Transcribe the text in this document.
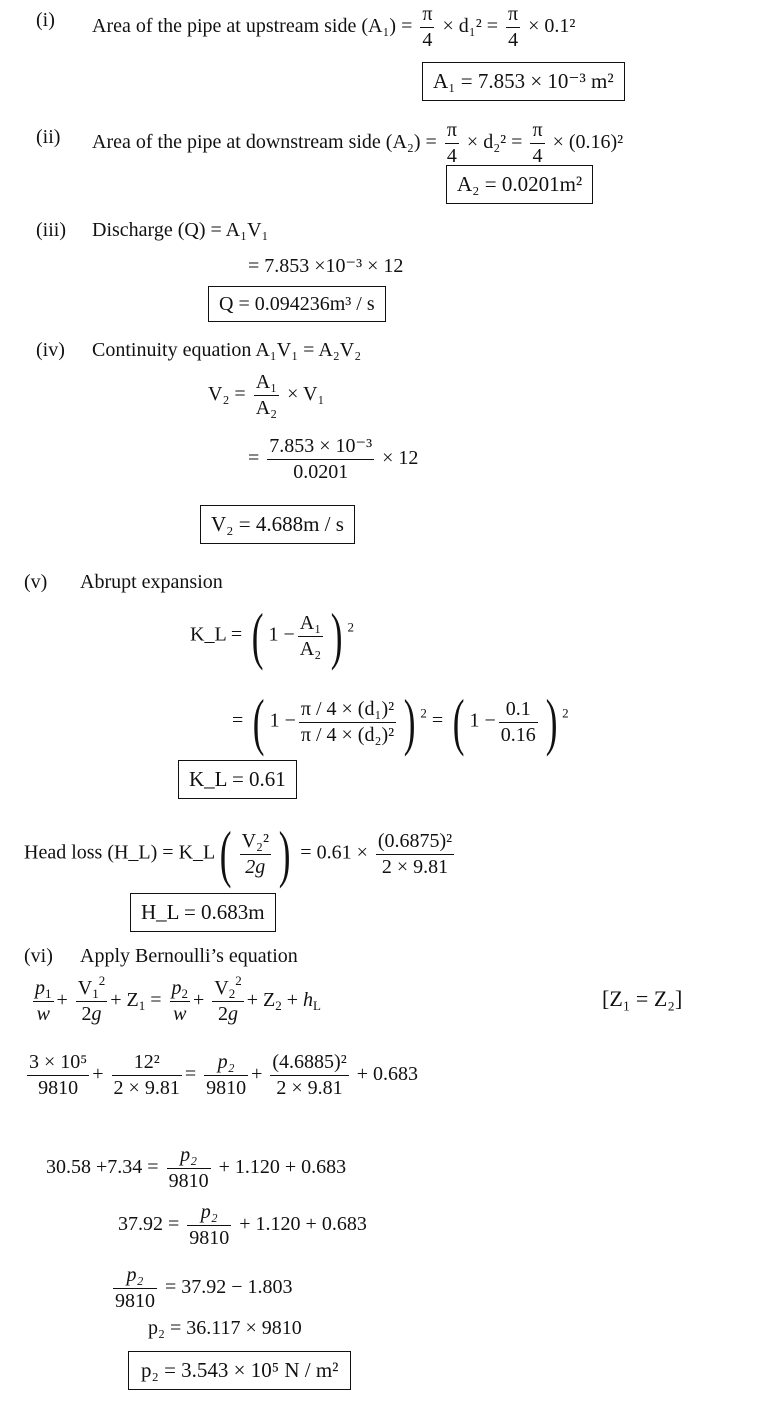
(i) Area of the pipe at upstream side $(A_1) = \frac{\pi}{4} \times d_1^2 = \frac{\pi}{4} \times 0.1^2$
A₁ = 7.853 × 10⁻³ m²
(ii) Area of the pipe at downstream side $(A_2) = \frac{\pi}{4} \times d_2^2 = \frac{\pi}{4} \times (0.16)^2$
A₂ = 0.0201m²
(iii) Discharge (Q) = A₁V₁
= 7.853 ×10⁻³ × 12
Q = 0.094236m³ / s
(iv) Continuity equation A₁V₁ = A₂V₂
$V_2 = \frac{\text{A₁}}{\text{A₂}} \times V_1$
= $\frac{\text{7.853 × 10⁻³}}{0.0201} \times 12$
V₂ = 4.688m / s
(v) Abrupt expansion
K_L = ( $1 - \frac{\text{A₁}}{\text{A₂}}$ ) $^2$
= ( $1 - \frac{\text{π / 4 × (d₁)²}}{\text{π / 4 × (d₂)²}}$ ) $^2$ = ( $1 - \frac{0.1}{0.16}$ ) $^2$
K_L = 0.61
Head loss (H_L) = K_L( $\frac{\text{V₂²}}{2g}$ ) = $0.61 \times \frac{\text{(0.6875)²}}{2 \times 9.81}$
H_L = 0.683m
(vi) Apply Bernoulli’s equation
$\frac{p_1}{w} + \frac{V_1^2}{2g} + Z_1 = \frac{p_2}{w} + \frac{V_2^2}{2g} + Z_2 + h_L$	[Z₁ = Z₂]
$\frac{\text{3 × 10⁵}}{9810} + \frac{\text{12²}}{2 \times 9.81} = \frac{\text{p₂}}{9810} + \frac{\text{(4.6885)²}}{2 \times 9.81} + 0.683$
$30.58 +7.34 = \frac{\text{p₂}}{9810} + 1.120 + 0.683$
$37.92 = \frac{\text{p₂}}{9810} + 1.120 + 0.683$
$\frac{\text{p₂}}{9810} = 37.92 - 1.803$
p₂ = 36.117 × 9810
p₂ = 3.543 × 10⁵ N / m²
